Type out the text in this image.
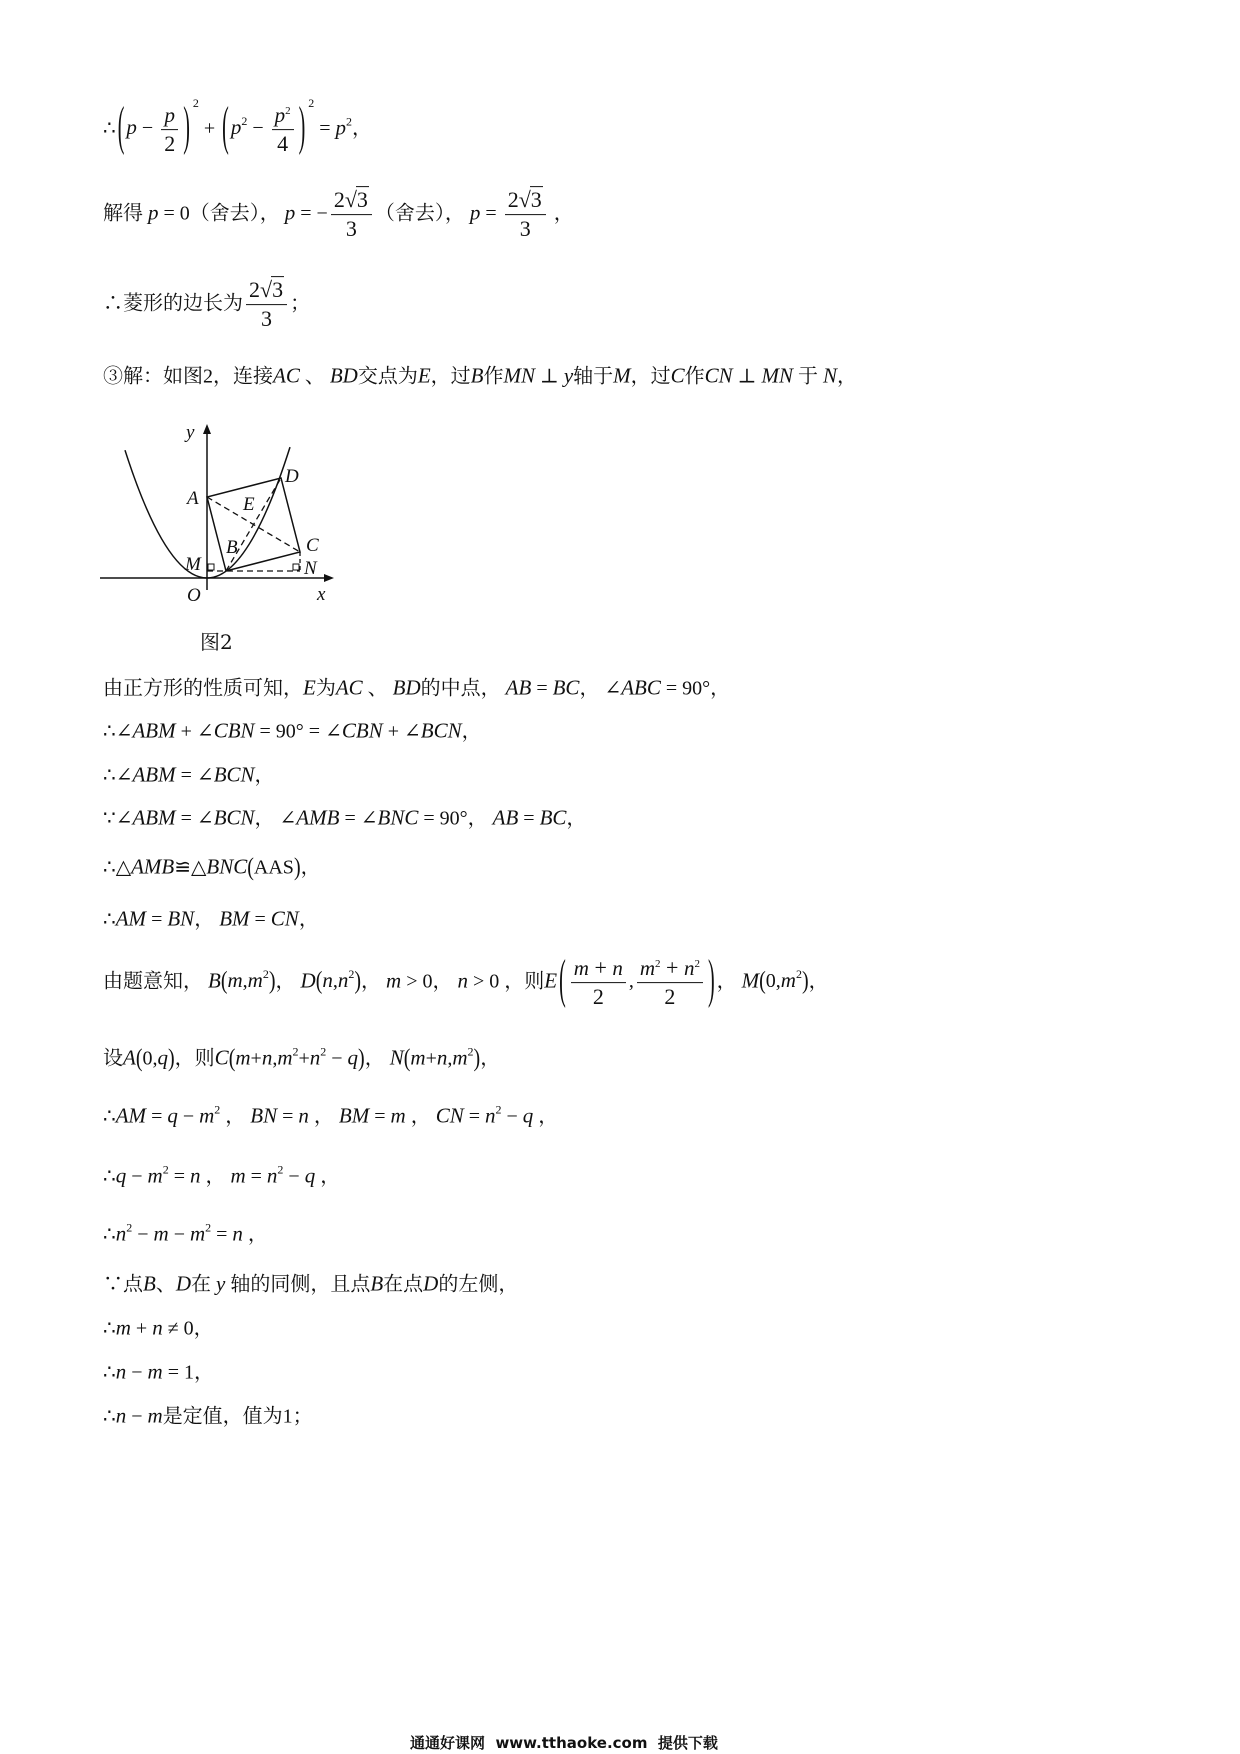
∴ ($p - \frac{p}{2}$ ) $^2 + (p^2 - \frac{p^2}{4}$ ) $^2 = p^2$，
解得 p = 0（舍去）， p = − $\frac{2√3}{3}$ （舍去）， $p = \frac{2√3}{3}$ ，
∴菱形的边长为 $\frac{2√3}{3}$ ；
③解：如图2，连接AC 、 BD交点为E，过B作MN ⊥ y轴于M，过C作CN ⊥ MN 于 N，
y
x
O
A
D
E
B	C
M	N
图2
由正方形的性质可知，E为AC 、 BD的中点， AB = BC， ∠ABC = 90°，
∴∠ABM + ∠CBN = 90° = ∠CBN + ∠BCN，
∴∠ABM = ∠BCN，
∵∠ABM = ∠BCN， ∠AMB = ∠BNC = 90°， AB = BC，
∴△AMB≌△BNC(AAS)，
∴AM = BN， BM = CN，
由题意知， $B(m,m^2)$， $D(n,n^2)$， m > 0， n > 0 ，则E ( $\frac{m + n}{2}$ , $\frac{m^2 + n^2}{2}$ ) ， $M(0,m^2)$，
设A(0,q)，则$C(m+n,m^2+n^2 - q)$， $N(m+n,m^2)$，
∴AM = $q - m^2$ ， BN = n ， BM = m ， CN = $n^2 - q$ ，
∴q − $m^2 = n$ ， $m = n^2 - q$ ，
$\therefore n^2 - m - m^2 = n$ ，
∵点B、D在 y 轴的同侧，且点B在点D的左侧，
∴m + n ≠ 0，
∴n − m = 1，
∴n − m是定值，值为1；
通通好课网  www.tthaoke.com  提供下载
